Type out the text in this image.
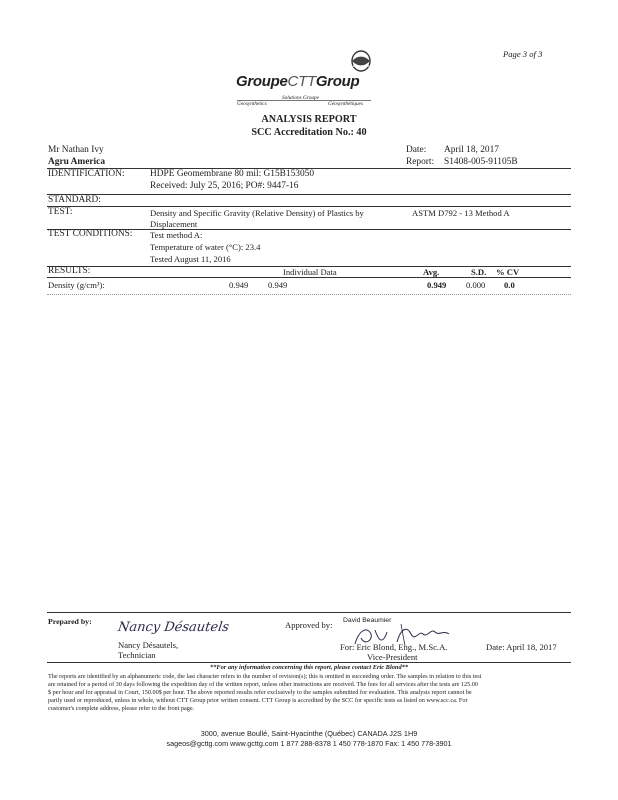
Page 3 of 3
GroupeCTTGroup
Geosynthetics
Solutions Groupe
Géosynthétiques
ANALYSIS REPORT
SCC Accreditation No.: 40
Mr Nathan Ivy
Agru America
Date: April 18, 2017
Report: S1408-005-91105B
IDENTIFICATION:	HDPE Geomembrane 80 mil: G15B153050
Received: July 25, 2016; PO#: 9447-16
STANDARD:
TEST:	Density and Specific Gravity (Relative Density) of Plastics by
Displacement
ASTM D792 - 13 Method A
TEST CONDITIONS: Test method A:
Temperature of water (°C): 23.4
Tested August 11, 2016
RESULTS:	Individual Data	Avg.	S.D. % CV
Density (g/cm³):	0.949 0.949	0.949 0.000 0.0
Prepared by: Nancy Désautels
Nancy Désautels,
Technician
Approved by: David Beaumier
For: Eric Blond, Eng., M.Sc.A.
Vice-President
Date: April 18, 2017
**For any information concerning this report, please contact Eric Blond**
The reports are identified by an alphanumeric code, the last character refers to the number of revision(s); this is omitted in succeeding order. The samples in relation to this test
are retained for a period of 30 days following the expedition day of the written report, unless other instructions are received. The fees for all services after the tests are 125.00
$ per hour and for appraisal in Court, 150.00$ per hour. The above reported results refer exclusively to the samples submitted for evaluation. This analysis report cannot be
partly used or reproduced, unless in whole, without CTT Group prior written consent. CTT Group is accredited by the SCC for specific tests as listed on www.scc.ca. For
customer's complete address, please refer to the front page.
3000, avenue Boullé, Saint-Hyacinthe (Québec) CANADA J2S 1H9
sageos@gcttg.com www.gcttg.com 1 877 288-8378 1 450 778-1870 Fax: 1 450 778-3901
